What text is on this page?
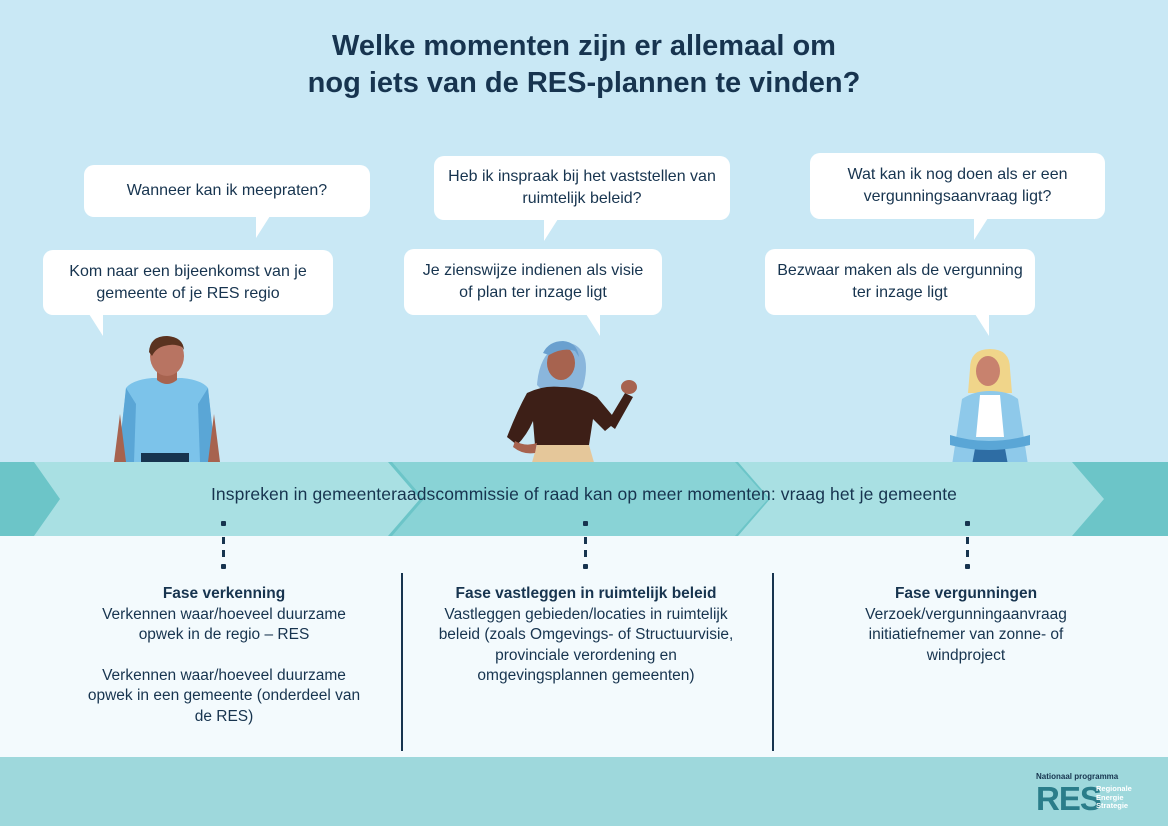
Welke momenten zijn er allemaal om
nog iets van de RES-plannen te vinden?
Wanneer kan ik meepraten?
Kom naar een bijeenkomst van je gemeente of je RES regio
Heb ik inspraak bij het vaststellen van ruimtelijk beleid?
Je zienswijze indienen als visie of plan ter inzage ligt
Wat kan ik nog doen als er een vergunningsaanvraag ligt?
Bezwaar maken als de vergunning ter inzage ligt
Inspreken in gemeenteraadscommissie of raad kan op meer momenten: vraag het je gemeente
Fase verkenning
Verkennen waar/hoeveel duurzame opwek in de regio – RES
Verkennen waar/hoeveel duurzame opwek in een gemeente (onderdeel van de RES)
Fase vastleggen in ruimtelijk beleid
Vastleggen gebieden/locaties in ruimtelijk beleid (zoals Omgevings- of Structuurvisie, provinciale verordening en omgevingsplannen gemeenten)
Fase vergunningen
Verzoek/vergunningaanvraag initiatiefnemer van zonne- of windproject
Nationaal programma
RES
Regionale
Energie
Strategie
